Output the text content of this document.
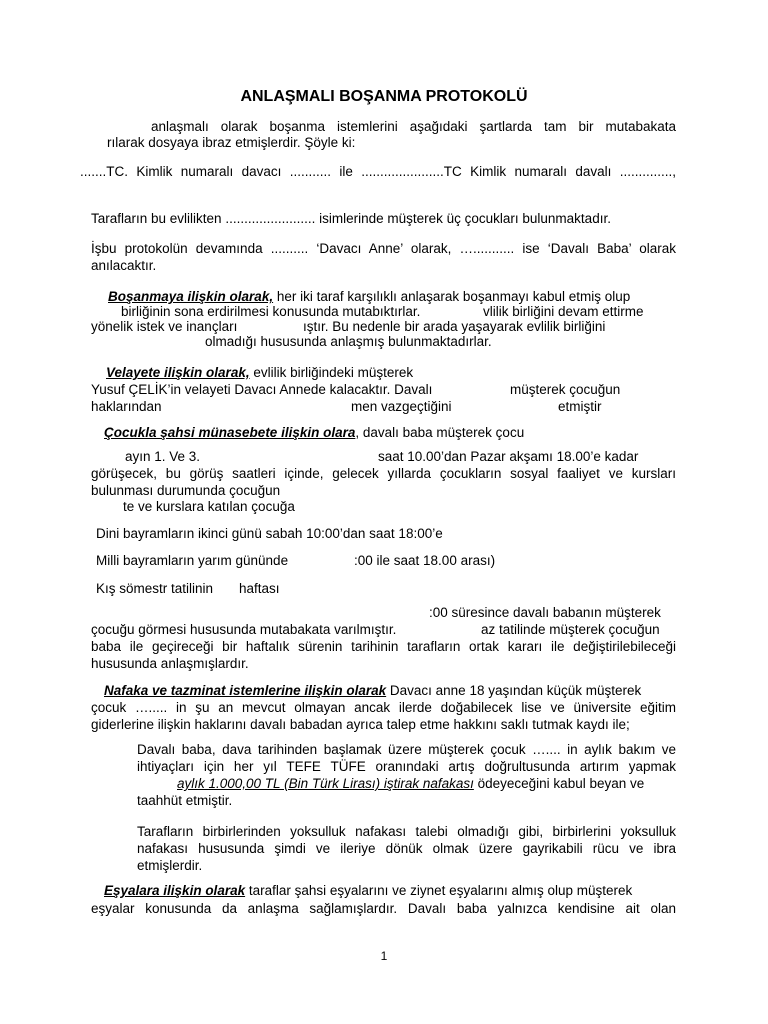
ANLAŞMALI BOŞANMA PROTOKOLÜ
anlaşmalı olarak boşanma istemlerini aşağıdaki şartlarda tam bir mutabakata
rılarak dosyaya ibraz etmişlerdir. Şöyle ki:
.......TC. Kimlik numaralı davacı ........... ile ......................TC Kimlik numaralı davalı ..............,
Tarafların bu evlilikten ........................ isimlerinde müşterek üç çocukları bulunmaktadır.
İşbu protokolün devamında .......... ‘Davacı Anne’ olarak, …........... ise ‘Davalı Baba’ olarak
anılacaktır.
Boşanmaya ilişkin olarak, her iki taraf karşılıklı anlaşarak boşanmayı kabul etmiş olup
birliğinin sona erdirilmesi konusunda mutabıktırlar.	vlilik birliğini devam ettirme
yönelik istek ve inançları	ıştır. Bu nedenle bir arada yaşayarak evlilik birliğini
olmadığı hususunda anlaşmış bulunmaktadırlar.
Velayete ilişkin olarak, evlilik birliğindeki müşterek
Yusuf ÇELİK’in velayeti Davacı Annede kalacaktır. Davalı	müşterek çocuğun
haklarından	men vazgeçtiğini	etmiştir
Çocukla şahsi münasebete ilişkin olara, davalı baba müşterek çocu
ayın 1. Ve 3.	saat 10.00’dan Pazar akşamı 18.00’e kadar
görüşecek, bu görüş saatleri içinde, gelecek yıllarda çocukların sosyal faaliyet ve kursları
bulunması durumunda çocuğun
te ve kurslara katılan çocuğa
Dini bayramların ikinci günü sabah 10:00’dan saat 18:00’e
Milli bayramların yarım gününde	:00 ile saat 18.00 arası)
Kış sömestr tatilinin haftası
:00 süresince davalı babanın müşterek
çocuğu görmesi hususunda mutabakata varılmıştır.	az tatilinde müşterek çocuğun
baba ile geçireceği bir haftalık sürenin tarihinin tarafların ortak kararı ile değiştirilebileceği
hususunda anlaşmışlardır.
Nafaka ve tazminat istemlerine ilişkin olarak Davacı anne 18 yaşından küçük müşterek
çocuk …..... in şu an mevcut olmayan ancak ilerde doğabilecek lise ve üniversite eğitim
giderlerine ilişkin haklarını davalı babadan ayrıca talep etme hakkını saklı tutmak kaydı ile;
Davalı baba, dava tarihinden başlamak üzere müşterek çocuk ….... in aylık bakım ve
ihtiyaçları için her yıl TEFE TÜFE oranındaki artış doğrultusunda artırım yapmak
aylık 1.000,00 TL (Bin Türk Lirası) iştirak nafakası ödeyeceğini kabul beyan ve
taahhüt etmiştir.
Tarafların birbirlerinden yoksulluk nafakası talebi olmadığı gibi, birbirlerini yoksulluk
nafakası hususunda şimdi ve ileriye dönük olmak üzere gayrikabili rücu ve ibra
etmişlerdir.
Eşyalara ilişkin olarak taraflar şahsi eşyalarını ve ziynet eşyalarını almış olup müşterek
eşyalar konusunda da anlaşma sağlamışlardır. Davalı baba yalnızca kendisine ait olan
1
